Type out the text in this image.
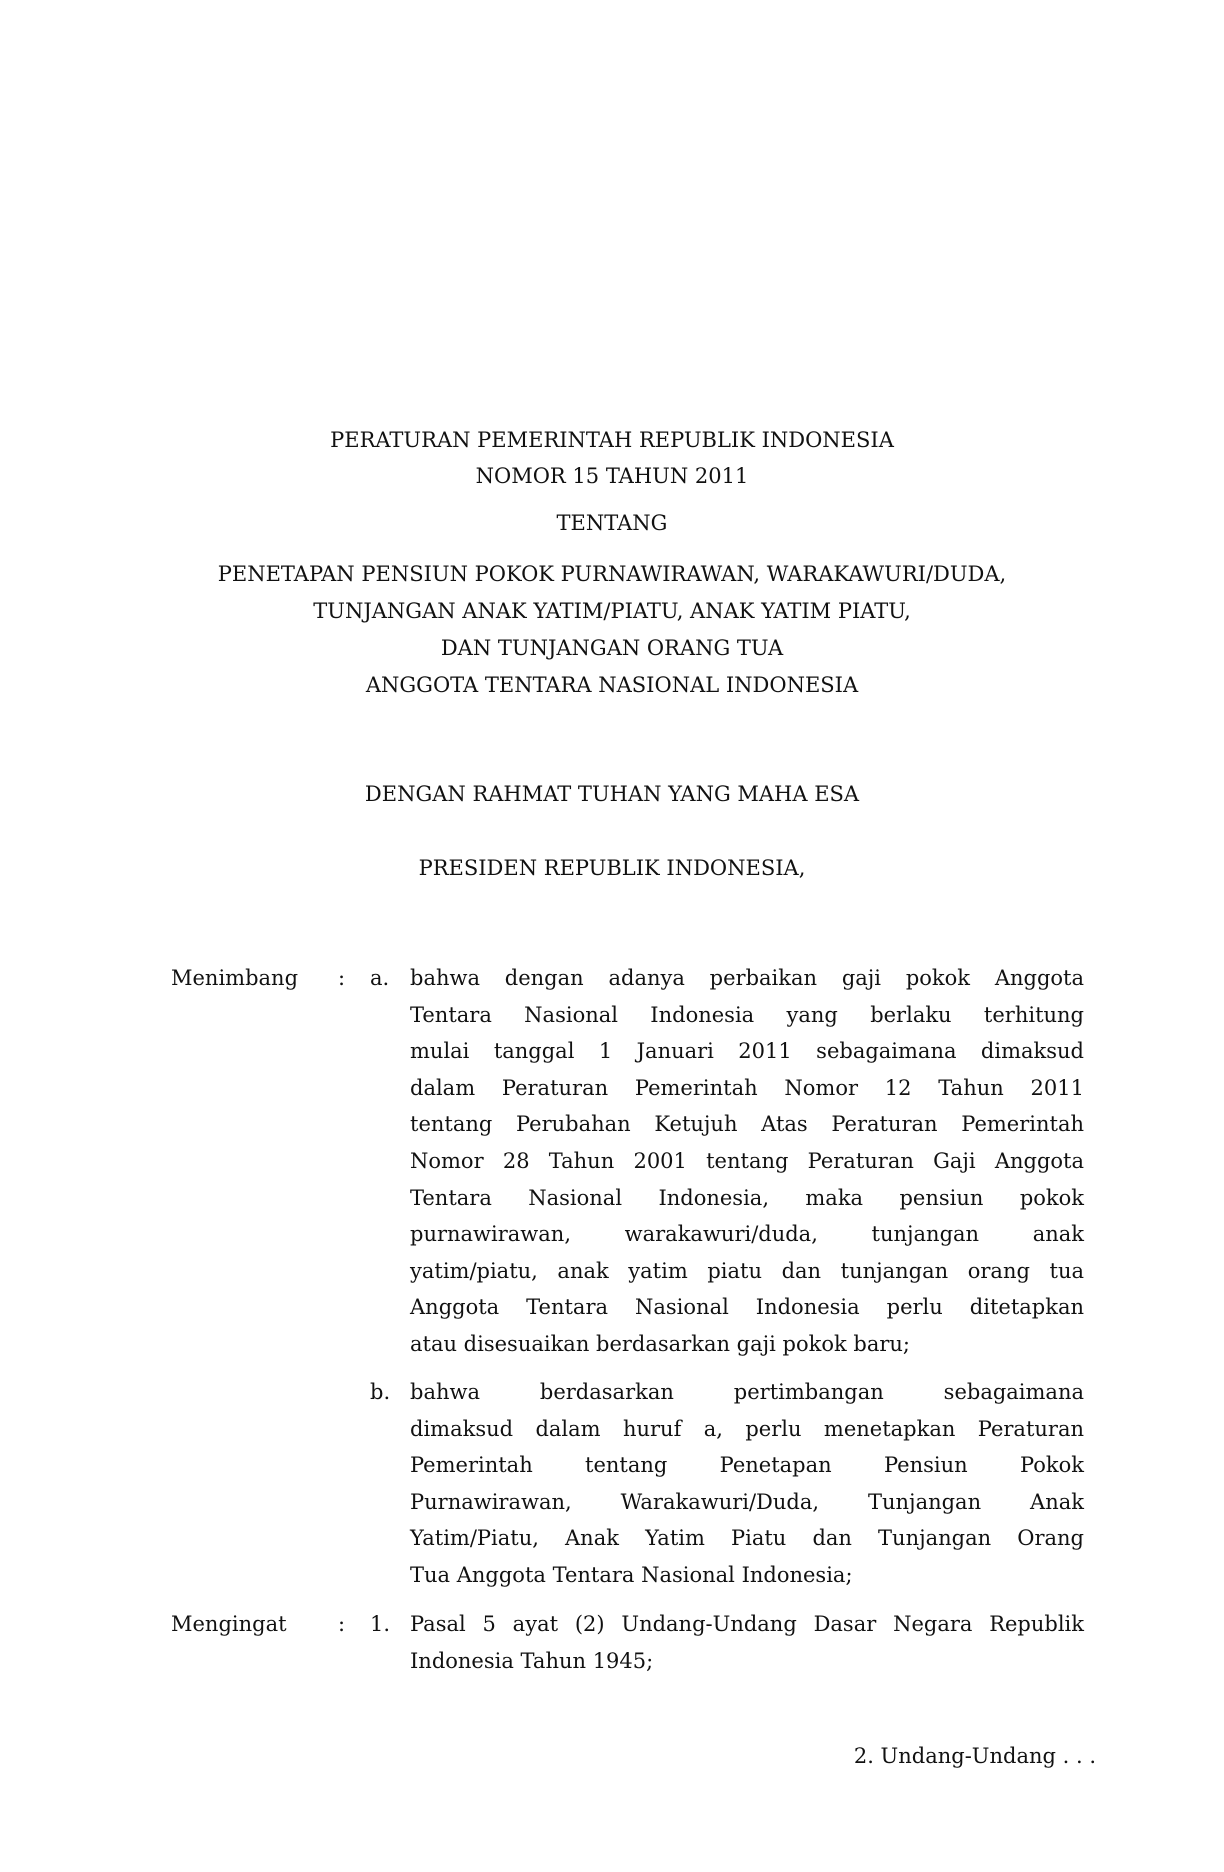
PERATURAN PEMERINTAH REPUBLIK INDONESIA
NOMOR 15 TAHUN 2011
TENTANG
PENETAPAN PENSIUN POKOK PURNAWIRAWAN, WARAKAWURI/DUDA,
TUNJANGAN ANAK YATIM/PIATU, ANAK YATIM PIATU,
DAN TUNJANGAN ORANG TUA
ANGGOTA TENTARA NASIONAL INDONESIA
DENGAN RAHMAT TUHAN YANG MAHA ESA
PRESIDEN REPUBLIK INDONESIA,
Menimbang : a. bahwa dengan adanya perbaikan gaji pokok Anggota
Tentara Nasional Indonesia yang berlaku terhitung
mulai tanggal 1 Januari 2011 sebagaimana dimaksud
dalam Peraturan Pemerintah Nomor 12 Tahun 2011
tentang Perubahan Ketujuh Atas Peraturan Pemerintah
Nomor 28 Tahun 2001 tentang Peraturan Gaji Anggota
Tentara Nasional Indonesia, maka pensiun pokok
purnawirawan, warakawuri/duda, tunjangan anak
yatim/piatu, anak yatim piatu dan tunjangan orang tua
Anggota Tentara Nasional Indonesia perlu ditetapkan
atau disesuaikan berdasarkan gaji pokok baru;
b. bahwa berdasarkan pertimbangan sebagaimana
dimaksud dalam huruf a, perlu menetapkan Peraturan
Pemerintah tentang Penetapan Pensiun Pokok
Purnawirawan, Warakawuri/Duda, Tunjangan Anak
Yatim/Piatu, Anak Yatim Piatu dan Tunjangan Orang
Tua Anggota Tentara Nasional Indonesia;
Mengingat : 1. Pasal 5 ayat (2) Undang-Undang Dasar Negara Republik
Indonesia Tahun 1945;
2. Undang-Undang . . .
